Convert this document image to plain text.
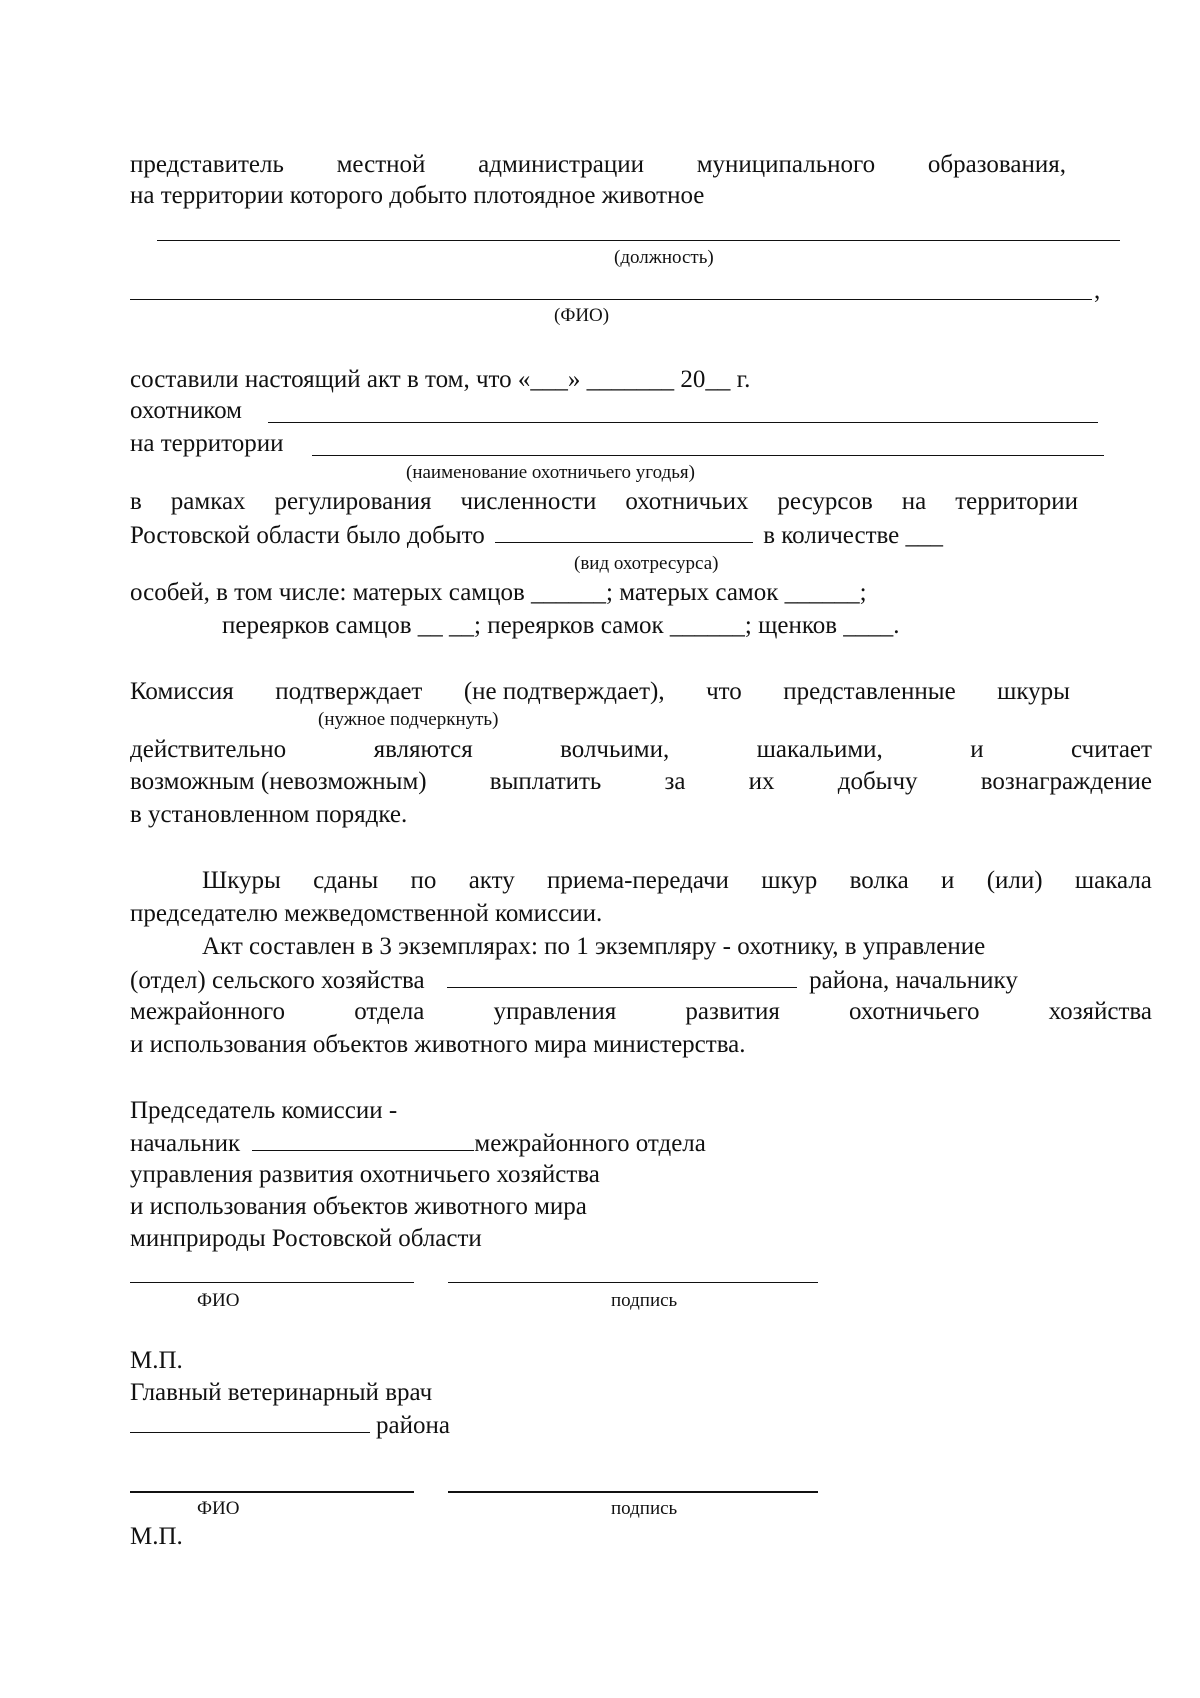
представитель местной администрации муниципального образования,
на территории которого добыто плотоядное животное
(должность)
,
(ФИО)
составили настоящий акт в том, что «___» _______ 20__ г.
охотником
на территории
(наименование охотничьего угодья)
в рамках регулирования численности охотничьих ресурсов на территории
Ростовской области было добыто	в количестве ___
(вид охотресурса)
особей, в том числе: матерых самцов ______; матерых самок ______;
переярков самцов __ __; переярков самок ______; щенков ____.
Комиссия подтверждает (не подтверждает), что представленные шкуры
(нужное подчеркнуть)
действительно	являются	волчьими,	шакальими,	и	считает
возможным (невозможным)	выплатить	за	их	добычу	вознаграждение
в установленном порядке.
Шкуры сданы по акту приема-передачи шкур волка и (или) шакала
председателю межведомственной комиссии.
Акт составлен в 3 экземплярах: по 1 экземпляру - охотнику, в управление
(отдел) сельского хозяйства	района, начальнику
межрайонного	отдела	управления	развития	охотничьего	хозяйства
и использования объектов животного мира министерства.
Председатель комиссии -
начальник	межрайонного отдела
управления развития охотничьего хозяйства
и использования объектов животного мира
минприроды Ростовской области
ФИО	подпись
М.П.
Главный ветеринарный врач
района
ФИО	подпись
М.П.
